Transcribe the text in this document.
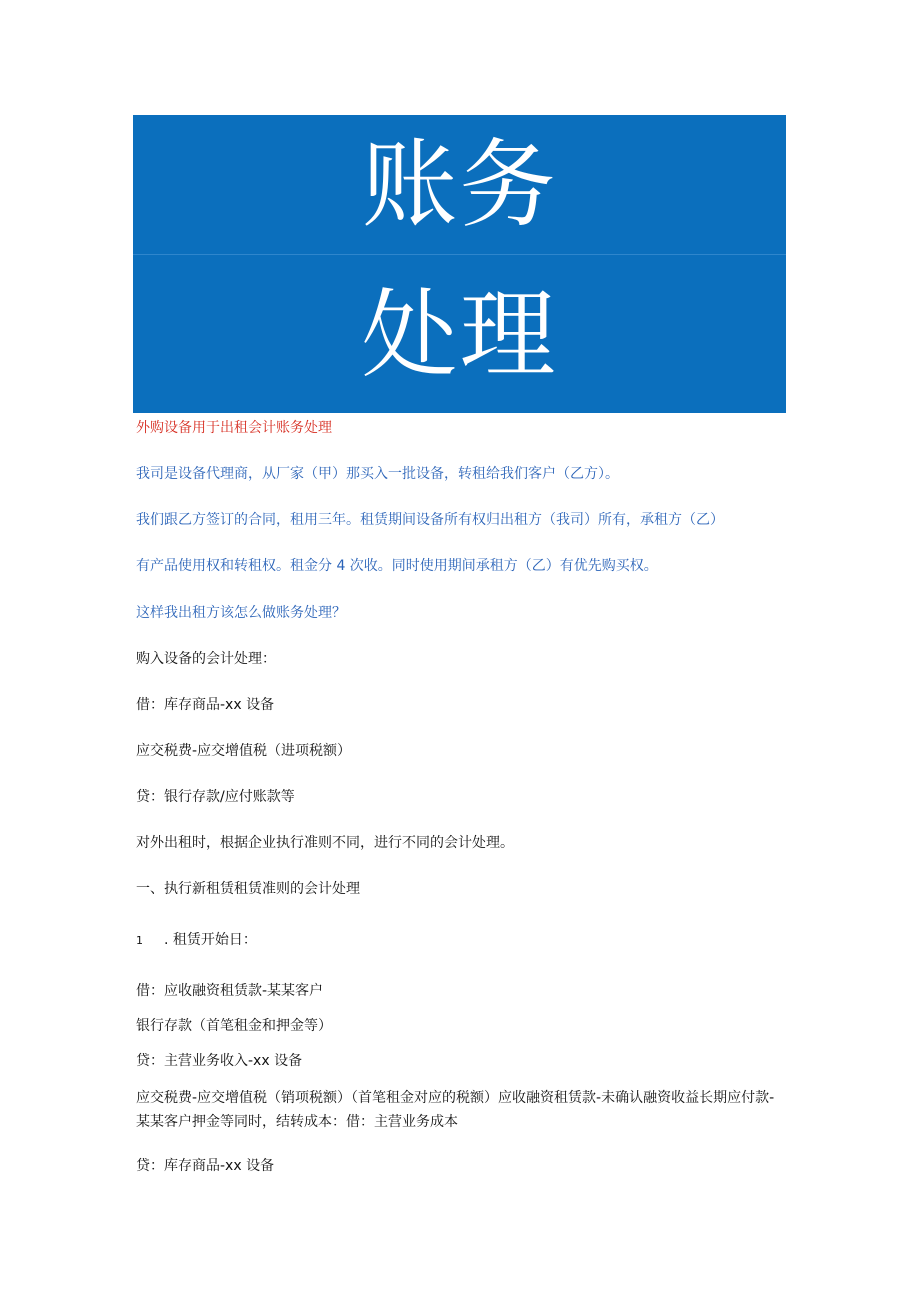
账务
处理
外购设备用于出租会计账务处理
我司是设备代理商，从厂家（甲）那买入一批设备，转租给我们客户（乙方）。
我们跟乙方签订的合同，租用三年。租赁期间设备所有权归出租方（我司）所有，承租方（乙）
有产品使用权和转租权。租金分 4 次收。同时使用期间承租方（乙）有优先购买权。
这样我出租方该怎么做账务处理？
购入设备的会计处理：
借：库存商品-xx 设备
应交税费-应交增值税（进项税额）
贷：银行存款/应付账款等
对外出租时，根据企业执行准则不同，进行不同的会计处理。
一、执行新租赁租赁准则的会计处理
1 . 租赁开始日：
借：应收融资租赁款-某某客户
银行存款（首笔租金和押金等）
贷：主营业务收入-xx 设备
应交税费-应交增值税（销项税额）（首笔租金对应的税额）应收融资租赁款-未确认融资收益长期应付款-某某客户押金等同时，结转成本：借：主营业务成本
贷：库存商品-xx 设备
